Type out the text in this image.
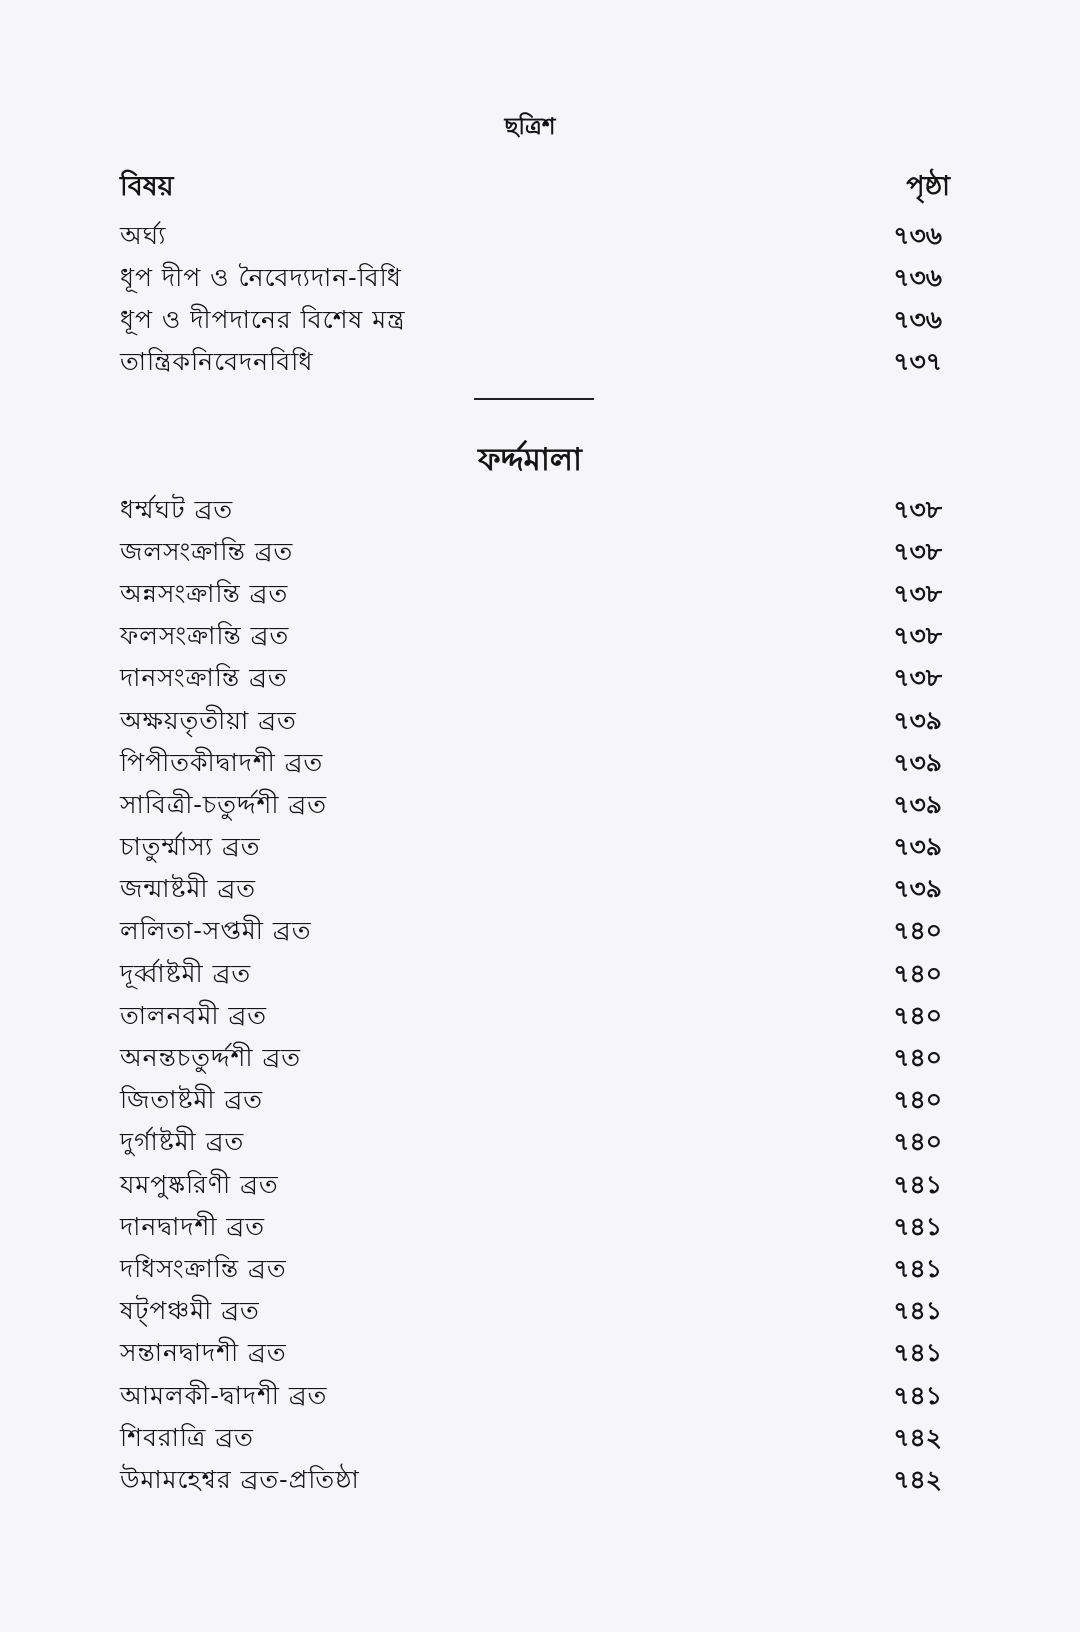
ছত্রিশ
বিষয়	পৃষ্ঠা
অর্ঘ্য	৭৩৬
ধূপ দীপ ও নৈবেদ্যদান-বিধি	৭৩৬
ধূপ ও দীপদানের বিশেষ মন্ত্র	৭৩৬
তান্ত্রিকনিবেদনবিধি	৭৩৭
ফর্দ্দমালা
ধর্ম্মঘট ব্রত	৭৩৮
জলসংক্রান্তি ব্রত	৭৩৮
অন্নসংক্রান্তি ব্রত	৭৩৮
ফলসংক্রান্তি ব্রত	৭৩৮
দানসংক্রান্তি ব্রত	৭৩৮
অক্ষয়তৃতীয়া ব্রত	৭৩৯
পিপীতকীদ্বাদশী ব্রত	৭৩৯
সাবিত্রী-চতুর্দ্দশী ব্রত	৭৩৯
চাতুর্ম্মাস্য ব্রত	৭৩৯
জন্মাষ্টমী ব্রত	৭৩৯
ললিতা-সপ্তমী ব্রত	৭৪০
দূর্ব্বাষ্টমী ব্রত	৭৪০
তালনবমী ব্রত	৭৪০
অনন্তচতুর্দ্দশী ব্রত	৭৪০
জিতাষ্টমী ব্রত	৭৪০
দুর্গাষ্টমী ব্রত	৭৪০
যমপুষ্করিণী ব্রত	৭৪১
দানদ্বাদশী ব্রত	৭৪১
দধিসংক্রান্তি ব্রত	৭৪১
ষট্‌পঞ্চমী ব্রত	৭৪১
সন্তানদ্বাদশী ব্রত	৭৪১
আমলকী-দ্বাদশী ব্রত	৭৪১
শিবরাত্রি ব্রত	৭৪২
উমামহেশ্বর ব্রত-প্রতিষ্ঠা	৭৪২
